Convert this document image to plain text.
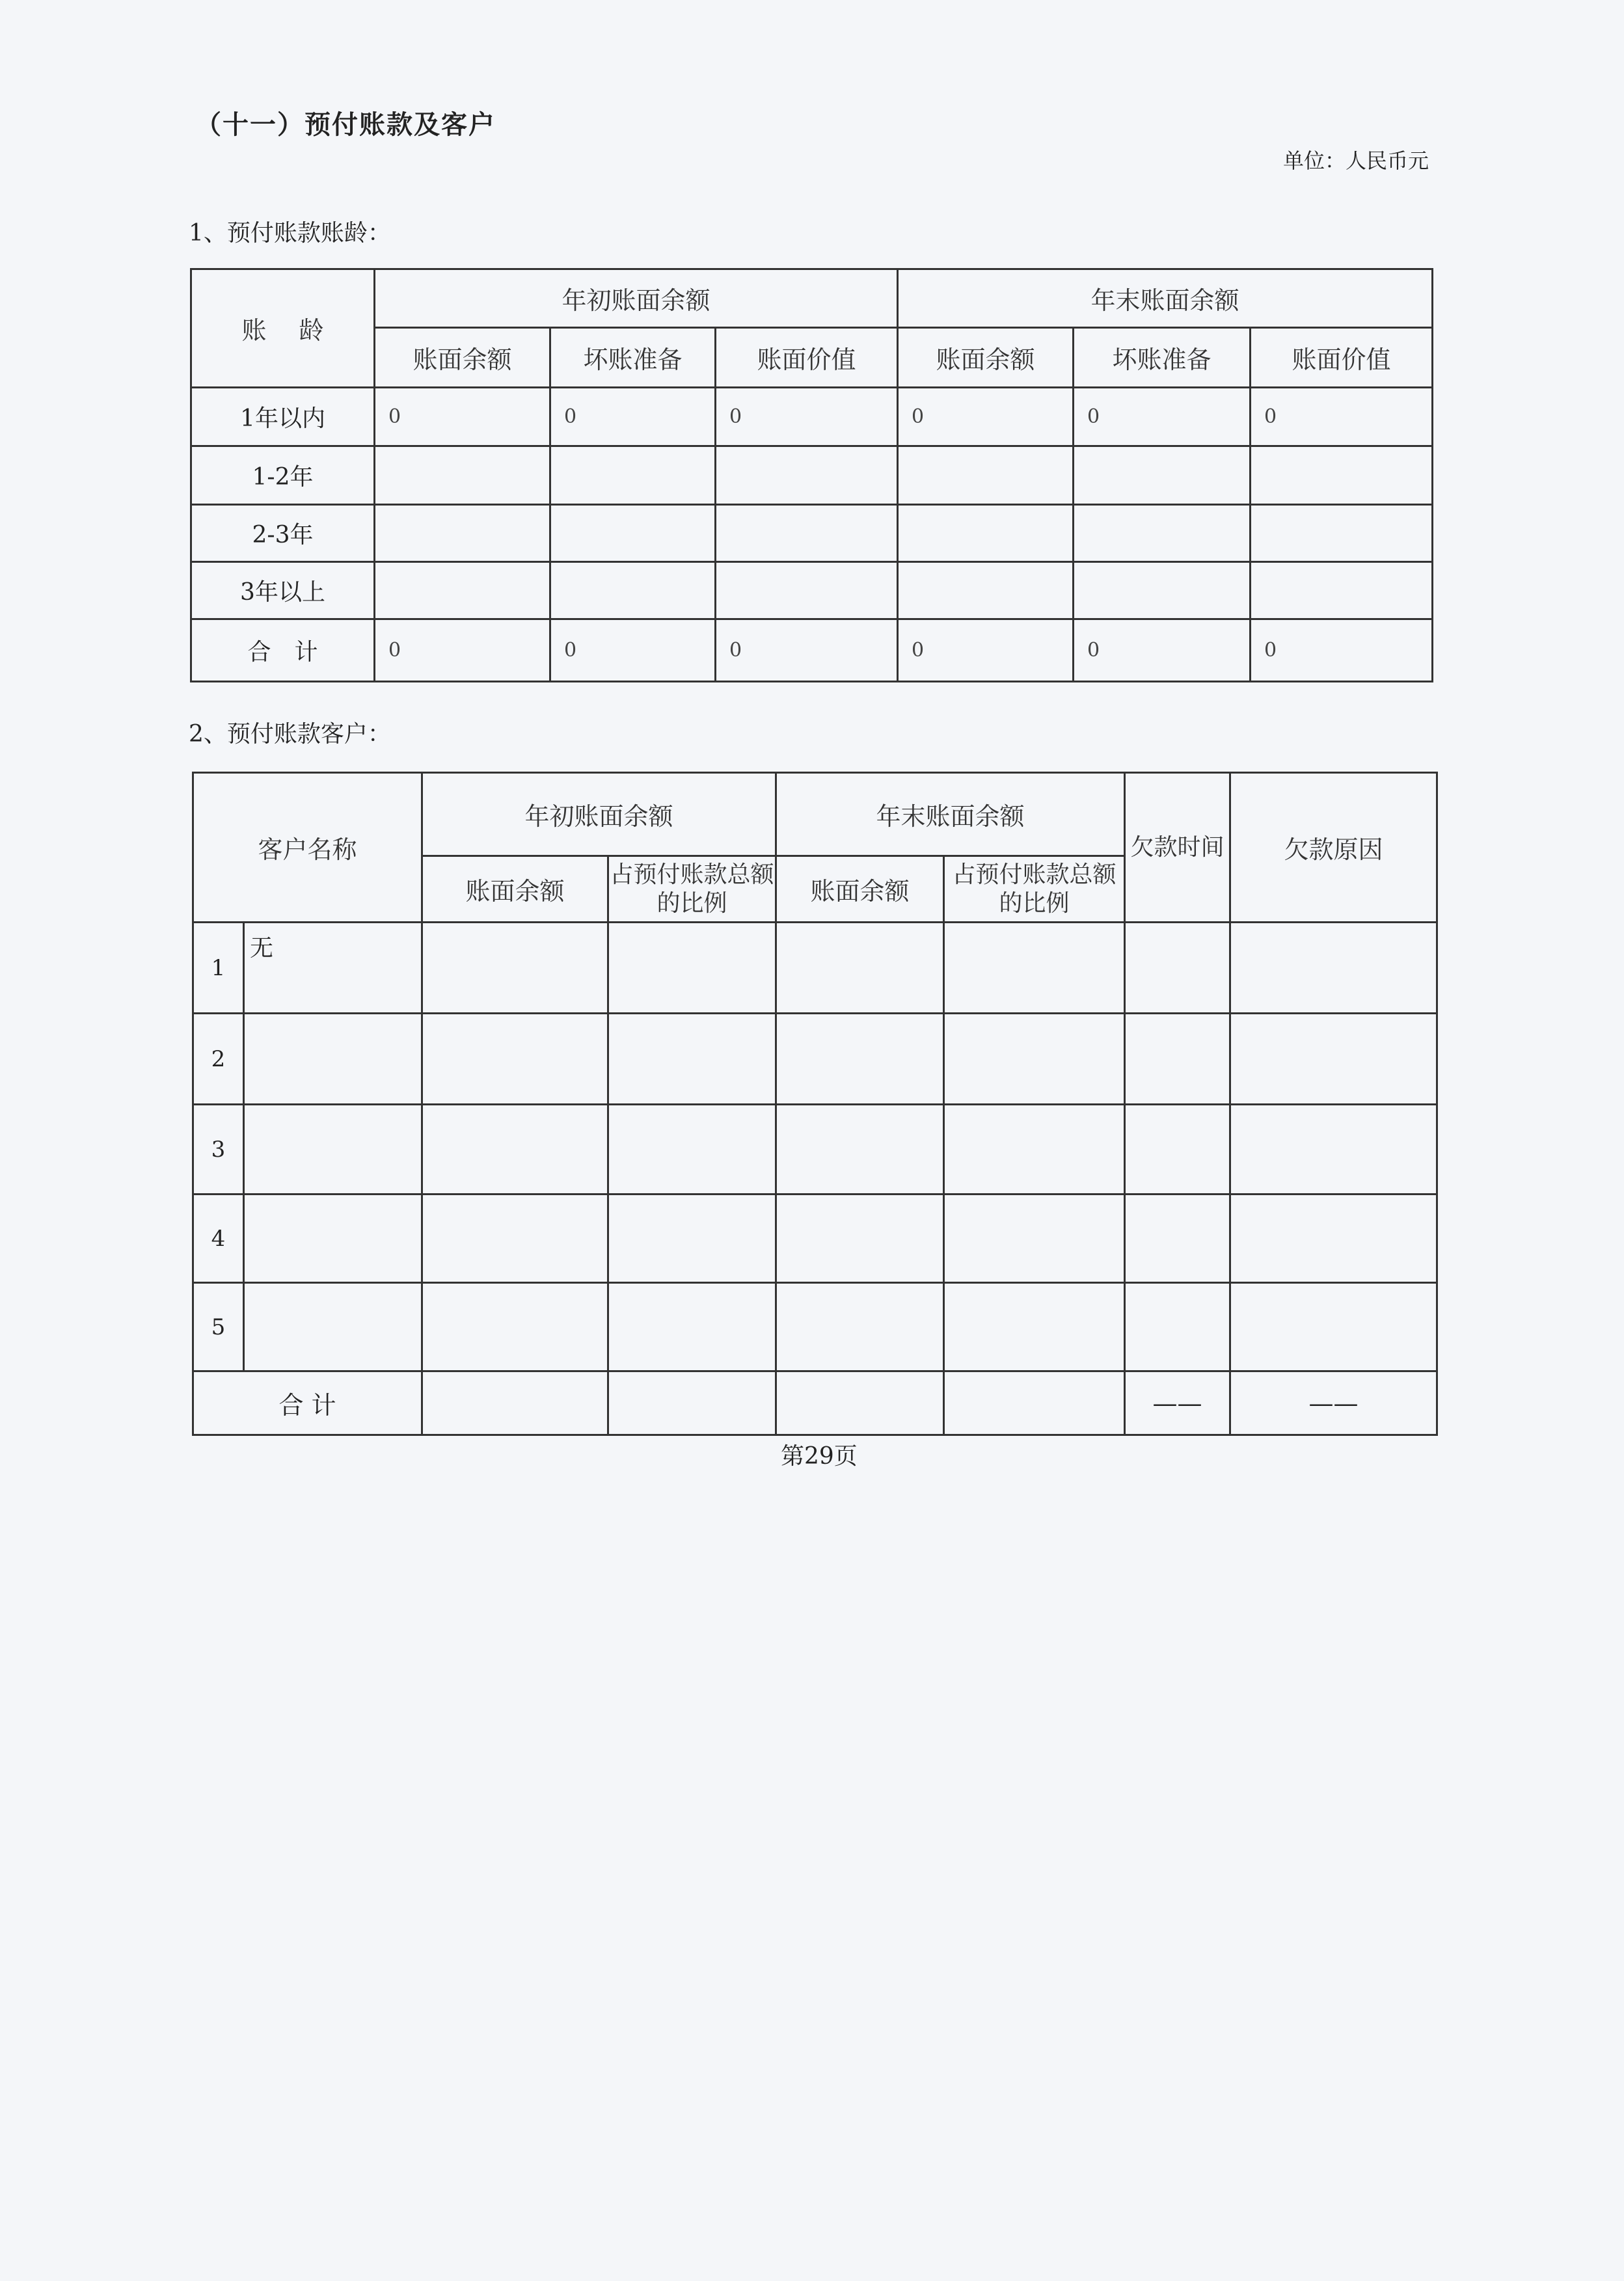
（十一）预付账款及客户
单位：人民币元
1、预付账款账龄：
账　 龄	年初账面余额			年末账面余额		
	账面余额	坏账准备	账面价值	账面余额	坏账准备	账面价值
1年以内	0	0	0	0	0	0
1-2年						
2-3年						
3年以上						
合　计	0	0	0	0	0	0
2、预付账款客户：
客户名称		年初账面余额		年末账面余额		欠款时间	欠款原因
		账面余额	占预付账款总额的比例	账面余额	占预付账款总额的比例		
1	无						
2							
3							
4							
5							
合 计						——	——
第29页
